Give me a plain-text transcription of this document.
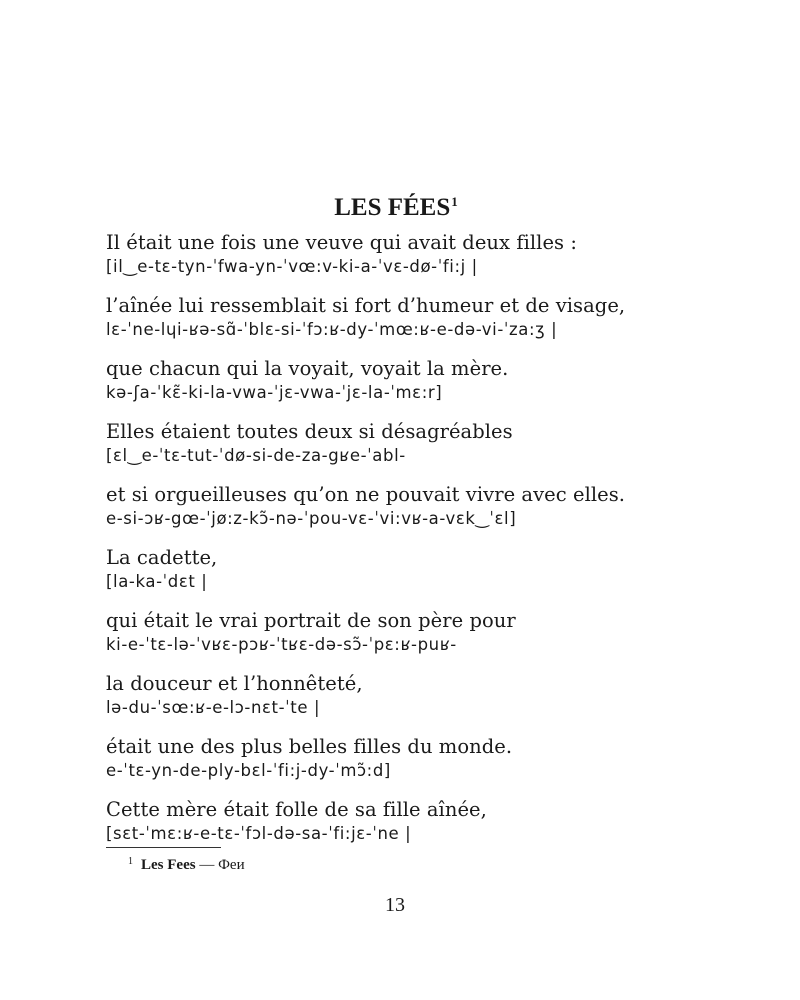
LES FÉES$^1$
Il était une fois une veuve qui avait deux filles :
[il‿e-tɛ-tyn-ˈfwa-yn-ˈvœ:v-ki-a-ˈvɛ-dø-ˈfi:j |
l’aînée lui ressemblait si fort d’humeur et de visage,
lɛ-ˈne-lɥi-ʁə-sɑ̃-ˈblɛ-si-ˈfɔ:ʁ-dy-ˈmœ:ʁ-e-də-vi-ˈza:ʒ |
que chacun qui la voyait, voyait la mère.
kə-ʃa-ˈkɛ̃-ki-la-vwa-ˈjɛ-vwa-ˈjɛ-la-ˈmɛ:r]
Elles étaient toutes deux si désagréables
[ɛl‿e-ˈtɛ-tut-ˈdø-si-de-za-gʁe-ˈabl-
et si orgueilleuses qu’on ne pouvait vivre avec elles.
e-si-ɔʁ-gœ-ˈjø:z-kɔ̃-nə-ˈpou-vɛ-ˈvi:vʁ-a-vɛk‿ˈɛl]
La cadette,
[la-ka-ˈdɛt |
qui était le vrai portrait de son père pour
ki-e-ˈtɛ-lə-ˈvʁɛ-pɔʁ-ˈtʁɛ-də-sɔ̃-ˈpɛ:ʁ-puʁ-
la douceur et l’honnêteté,
lə-du-ˈsœ:ʁ-e-lɔ-nɛt-ˈte |
était une des plus belles filles du monde.
e-ˈtɛ-yn-de-ply-bɛl-ˈfi:j-dy-ˈmɔ̃:d]
Cette mère était folle de sa fille aînée,
[sɛt-ˈmɛ:ʁ-e-tɛ-ˈfɔl-də-sa-ˈfi:jɛ-ˈne |
$^1$ Les Fees — Феи
13
